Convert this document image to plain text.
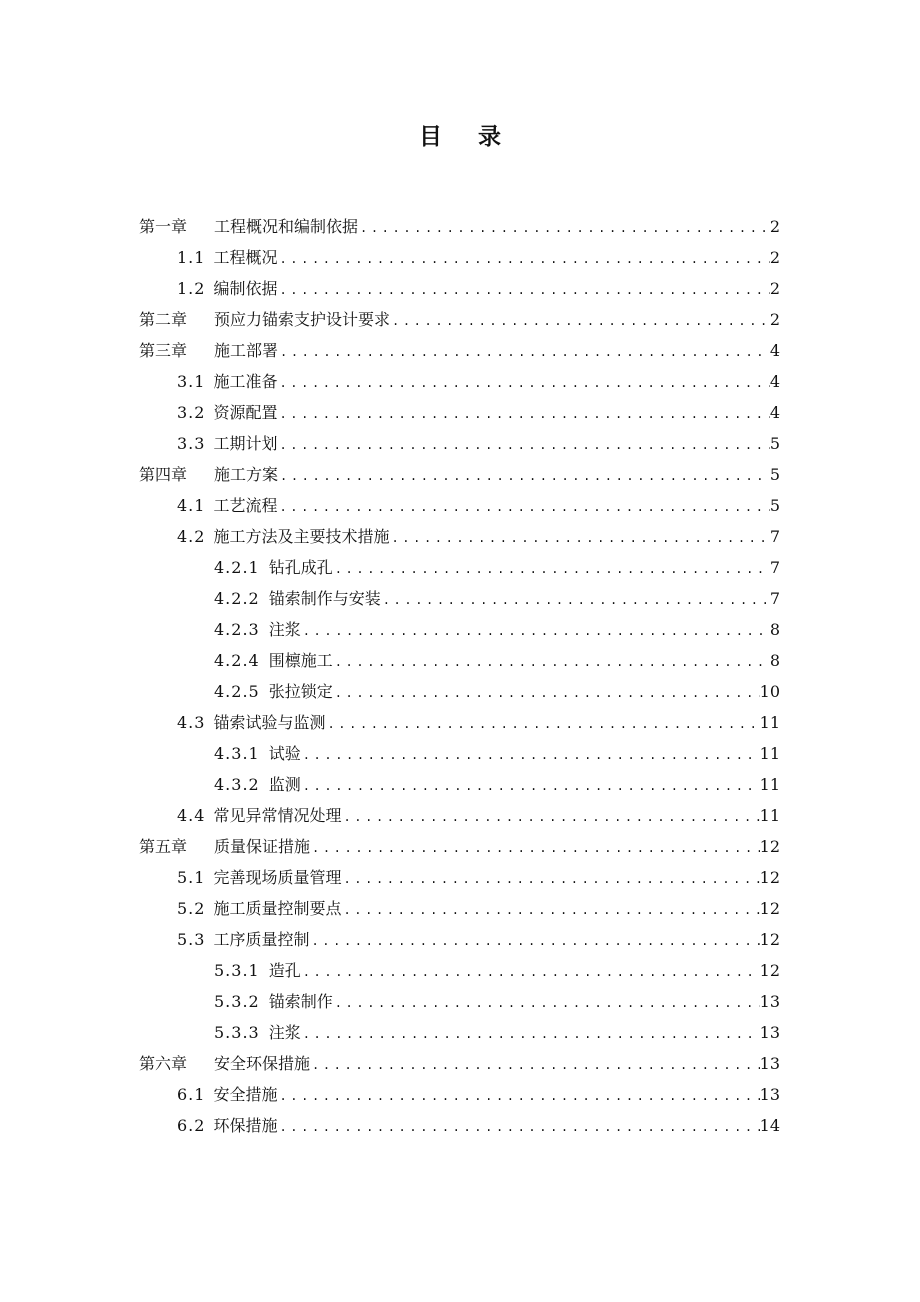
目 录
第一章	工程概况和编制依据 .....	2
1.1 工程概况 .....	2
1.2 编制依据 .....	2
第二章	预应力锚索支护设计要求 .....	2
第三章	施工部署 .....	4
3.1 施工准备 .....	4
3.2 资源配置 .....	4
3.3 工期计划 .....	5
第四章	施工方案 .....	5
4.1 工艺流程 .....	5
4.2 施工方法及主要技术措施 .....	7
4.2.1 钻孔成孔 .....	7
4.2.2 锚索制作与安装 .....	7
4.2.3 注浆 .....	8
4.2.4 围檩施工 .....	8
4.2.5 张拉锁定 .....	10
4.3 锚索试验与监测 .....	11
4.3.1 试验 .....	11
4.3.2 监测 .....	11
4.4 常见异常情况处理 .....	11
第五章	质量保证措施 .....	12
5.1 完善现场质量管理 .....	12
5.2 施工质量控制要点 .....	12
5.3 工序质量控制 .....	12
5.3.1 造孔 .....	12
5.3.2 锚索制作 .....	13
5.3.3 注浆 .....	13
第六章	安全环保措施 .....	13
6.1 安全措施 .....	13
6.2 环保措施 .....	14
